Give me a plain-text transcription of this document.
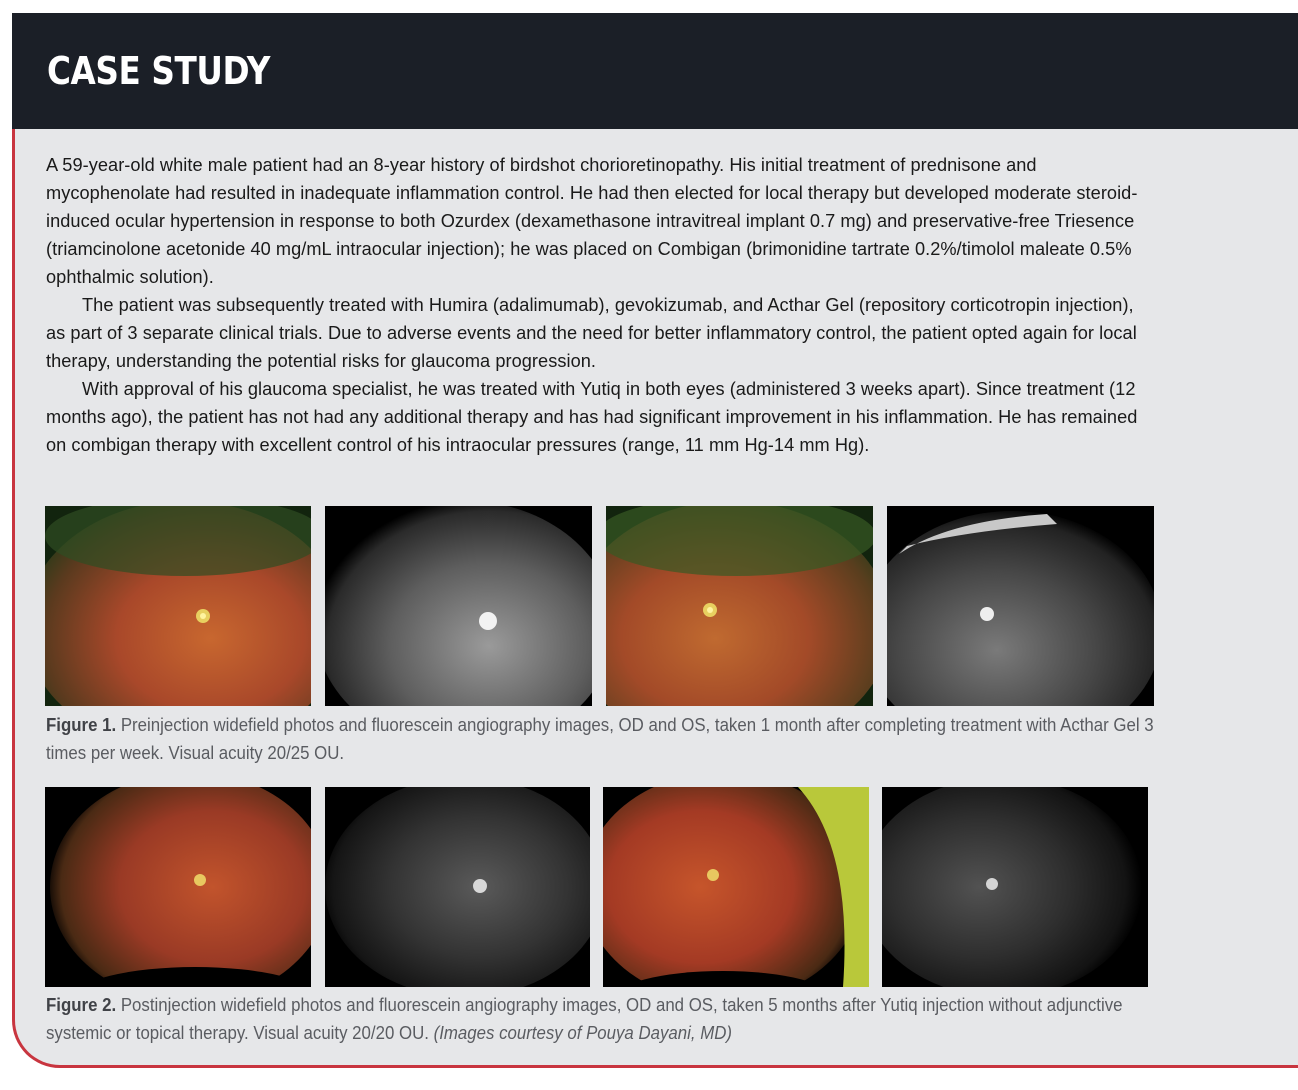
CASE STUDY

A 59-year-old white male patient had an 8-year history of birdshot chorioretinopathy. His initial treatment of prednisone and mycophenolate had resulted in inadequate inflammation control. He had then elected for local therapy but developed moderate steroid-induced ocular hypertension in response to both Ozurdex (dexamethasone intravitreal implant 0.7 mg) and preservative-free Triesence (triamcinolone acetonide 40 mg/mL intraocular injection); he was placed on Combigan (brimonidine tartrate 0.2%/timolol maleate 0.5% ophthalmic solution).

The patient was subsequently treated with Humira (adalimumab), gevokizumab, and Acthar Gel (repository corticotropin injection), as part of 3 separate clinical trials. Due to adverse events and the need for better inflammatory control, the patient opted again for local therapy, understanding the potential risks for glaucoma progression.

With approval of his glaucoma specialist, he was treated with Yutiq in both eyes (administered 3 weeks apart). Since treatment (12 months ago), the patient has not had any additional therapy and has had significant improvement in his inflammation. He has remained on combigan therapy with excellent control of his intraocular pressures (range, 11 mm Hg-14 mm Hg).

Figure 1. Preinjection widefield photos and fluorescein angiography images, OD and OS, taken 1 month after completing treatment with Acthar Gel 3 times per week. Visual acuity 20/25 OU.

Figure 2. Postinjection widefield photos and fluorescein angiography images, OD and OS, taken 5 months after Yutiq injection without adjunctive systemic or topical therapy. Visual acuity 20/20 OU. (Images courtesy of Pouya Dayani, MD)
